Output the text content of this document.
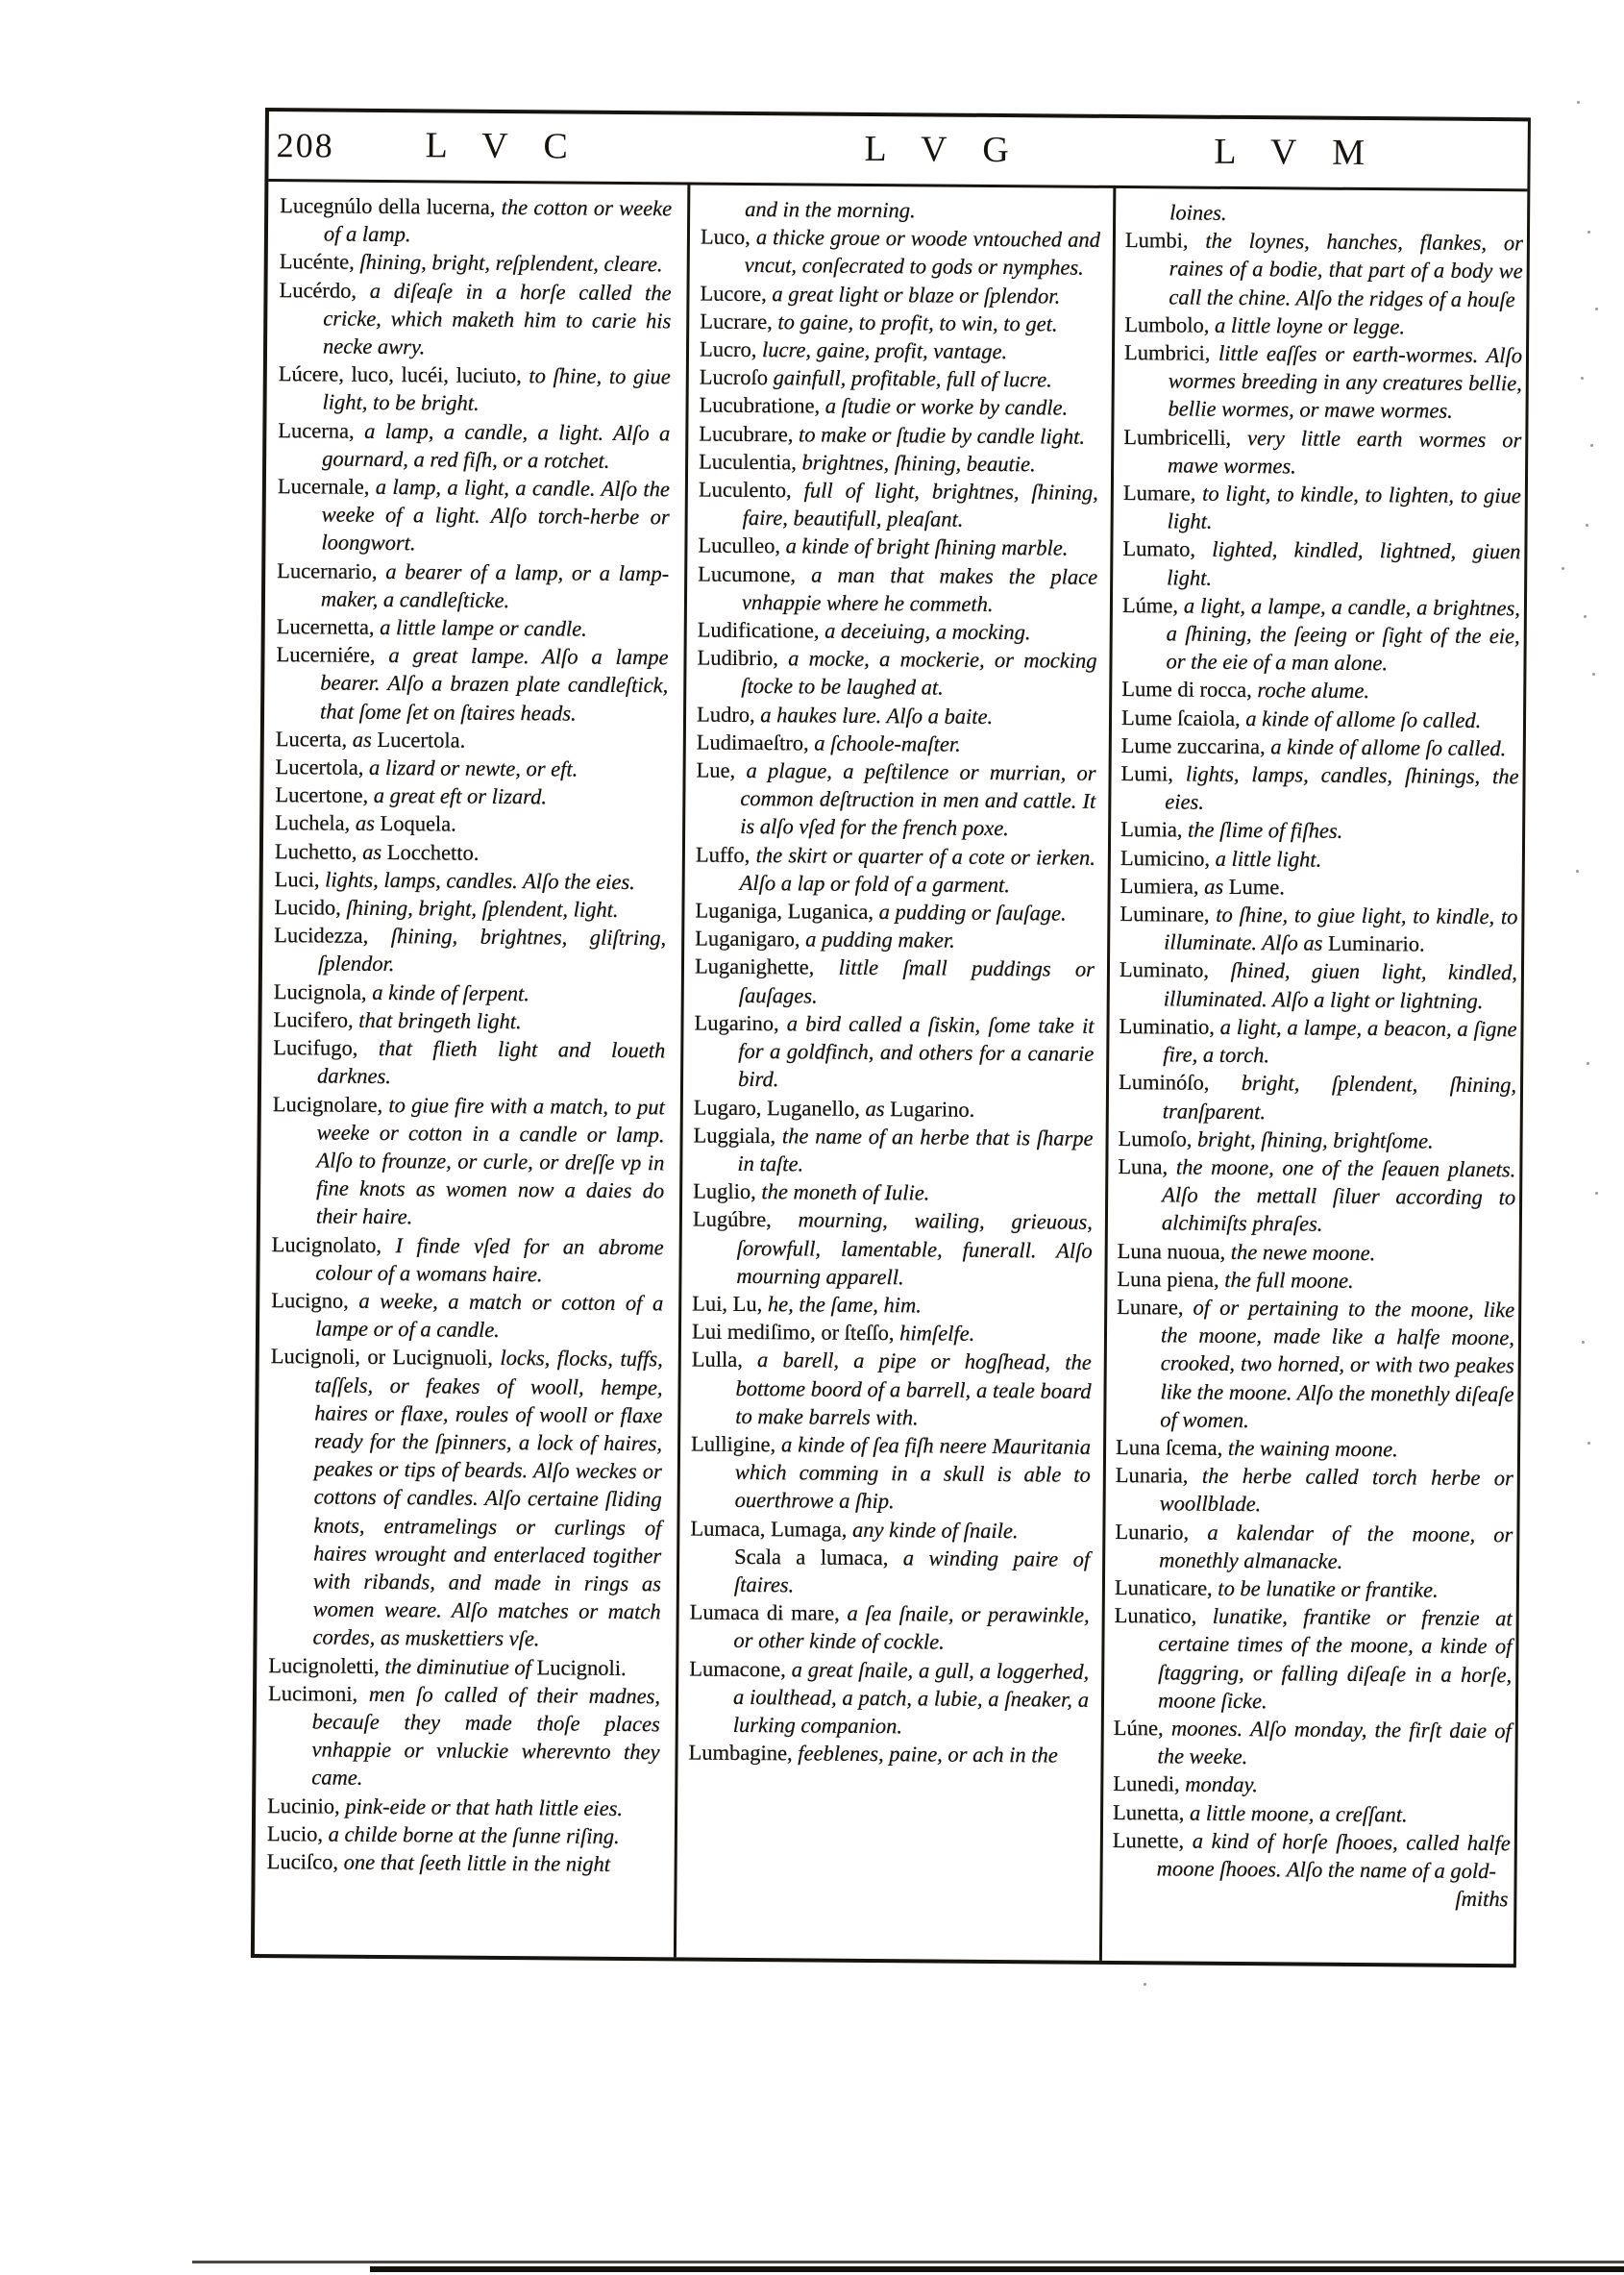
208 L V C	L V G	L V M

Lucegnúlo della lucerna, the cotton or weeke of a lamp.

Lucénte, ſhining, bright, reſplendent, cleare.

Lucérdo, a diſeaſe in a horſe called the cricke, which maketh him to carie his necke awry.

Lúcere, luco, lucéi, luciuto, to ſhine, to giue light, to be bright.

Lucerna, a lamp, a candle, a light. Alſo a gournard, a red fiſh, or a rotchet.

Lucernale, a lamp, a light, a candle. Alſo the weeke of a light. Alſo torch-herbe or loongwort.

Lucernario, a bearer of a lamp, or a lamp-maker, a candleſticke.

Lucernetta, a little lampe or candle.

Lucerniére, a great lampe. Alſo a lampe bearer. Alſo a brazen plate candleſtick, that ſome ſet on ſtaires heads.

Lucerta, as Lucertola.

Lucertola, a lizard or newte, or eft.

Lucertone, a great eft or lizard.

Luchela, as Loquela.

Luchetto, as Locchetto.

Luci, lights, lamps, candles. Alſo the eies.

Lucido, ſhining, bright, ſplendent, light.

Lucidezza, ſhining, brightnes, gliſtring, ſplendor.

Lucignola, a kinde of ſerpent.

Lucifero, that bringeth light.

Lucifugo, that flieth light and loueth darknes.

Lucignolare, to giue fire with a match, to put weeke or cotton in a candle or lamp. Alſo to frounze, or curle, or dreſſe vp in fine knots as women now a daies do their haire.

Lucignolato, I finde vſed for an abrome colour of a womans haire.

Lucigno, a weeke, a match or cotton of a lampe or of a candle.

Lucignoli, or Lucignuoli, locks, flocks, tuffs, taſſels, or feakes of wooll, hempe, haires or flaxe, roules of wooll or flaxe ready for the ſpinners, a lock of haires, peakes or tips of beards. Alſo weckes or cottons of candles. Alſo certaine ſliding knots, entramelings or curlings of haires wrought and enterlaced togither with ribands, and made in rings as women weare. Alſo matches or match cordes, as muskettiers vſe.

Lucignoletti, the diminutiue of Lucignoli.

Lucimoni, men ſo called of their madnes, becauſe they made thoſe places vnhappie or vnluckie wherevnto they came.

Lucinio, pink-eide or that hath little eies.

Lucio, a childe borne at the ſunne riſing.

Luciſco, one that ſeeth little in the night

and in the morning.

Luco, a thicke groue or woode vntouched and vncut, conſecrated to gods or nymphes.

Lucore, a great light or blaze or ſplendor.

Lucrare, to gaine, to profit, to win, to get.

Lucro, lucre, gaine, profit, vantage.

Lucroſo gainfull, profitable, full of lucre.

Lucubratione, a ſtudie or worke by candle.

Lucubrare, to make or ſtudie by candle light.

Luculentia, brightnes, ſhining, beautie.

Luculento, full of light, brightnes, ſhining, faire, beautifull, pleaſant.

Luculleo, a kinde of bright ſhining marble.

Lucumone, a man that makes the place vnhappie where he commeth.

Ludificatione, a deceiuing, a mocking.

Ludibrio, a mocke, a mockerie, or mocking ſtocke to be laughed at.

Ludro, a haukes lure. Alſo a baite.

Ludimaeſtro, a ſchoole-maſter.

Lue, a plague, a peſtilence or murrian, or common deſtruction in men and cattle. It is alſo vſed for the french poxe.

Luffo, the skirt or quarter of a cote or ierken. Alſo a lap or fold of a garment.

Luganiga, Luganica, a pudding or ſauſage.

Luganigaro, a pudding maker.

Luganighette, little ſmall puddings or ſauſages.

Lugarino, a bird called a ſiskin, ſome take it for a goldfinch, and others for a canarie bird.

Lugaro, Luganello, as Lugarino.

Luggiala, the name of an herbe that is ſharpe in taſte.

Luglio, the moneth of Iulie.

Lugúbre, mourning, wailing, grieuous, ſorowfull, lamentable, funerall. Alſo mourning apparell.

Lui, Lu, he, the ſame, him.

Lui mediſimo, or ſteſſo, himſelfe.

Lulla, a barell, a pipe or hogſhead, the bottome boord of a barrell, a teale board to make barrels with.

Lulligine, a kinde of ſea fiſh neere Mauritania which comming in a skull is able to ouerthrowe a ſhip.

Lumaca, Lumaga, any kinde of ſnaile.

Scala a lumaca, a winding paire of ſtaires.

Lumaca di mare, a ſea ſnaile, or perawinkle, or other kinde of cockle.

Lumacone, a great ſnaile, a gull, a loggerhed, a ioulthead, a patch, a lubie, a ſneaker, a lurking companion.

Lumbagine, feeblenes, paine, or ach in the

loines.

Lumbi, the loynes, hanches, flankes, or raines of a bodie, that part of a body we call the chine. Alſo the ridges of a houſe

Lumbolo, a little loyne or legge.

Lumbrici, little eaſſes or earth-wormes. Alſo wormes breeding in any creatures bellie, bellie wormes, or mawe wormes.

Lumbricelli, very little earth wormes or mawe wormes.

Lumare, to light, to kindle, to lighten, to giue light.

Lumato, lighted, kindled, lightned, giuen light.

Lúme, a light, a lampe, a candle, a brightnes, a ſhining, the ſeeing or ſight of the eie, or the eie of a man alone.

Lume di rocca, roche alume.

Lume ſcaiola, a kinde of allome ſo called.

Lume zuccarina, a kinde of allome ſo called.

Lumi, lights, lamps, candles, ſhinings, the eies.

Lumia, the ſlime of fiſhes.

Lumicino, a little light.

Lumiera, as Lume.

Luminare, to ſhine, to giue light, to kindle, to illuminate. Alſo as Luminario.

Luminato, ſhined, giuen light, kindled, illuminated. Alſo a light or lightning.

Luminatio, a light, a lampe, a beacon, a ſigne fire, a torch.

Luminóſo, bright, ſplendent, ſhining, tranſparent.

Lumoſo, bright, ſhining, brightſome.

Luna, the moone, one of the ſeauen planets. Alſo the mettall ſiluer according to alchimiſts phraſes.

Luna nuoua, the newe moone.

Luna piena, the full moone.

Lunare, of or pertaining to the moone, like the moone, made like a halfe moone, crooked, two horned, or with two peakes like the moone. Alſo the monethly diſeaſe of women.

Luna ſcema, the waining moone.

Lunaria, the herbe called torch herbe or woollblade.

Lunario, a kalendar of the moone, or monethly almanacke.

Lunaticare, to be lunatike or frantike.

Lunatico, lunatike, frantike or frenzie at certaine times of the moone, a kinde of ſtaggring, or falling diſeaſe in a horſe, moone ſicke.

Lúne, moones. Alſo monday, the firſt daie of the weeke.

Lunedi, monday.

Lunetta, a little moone, a creſſant.

Lunette, a kind of horſe ſhooes, called halfe moone ſhooes. Alſo the name of a gold-

ſmiths
